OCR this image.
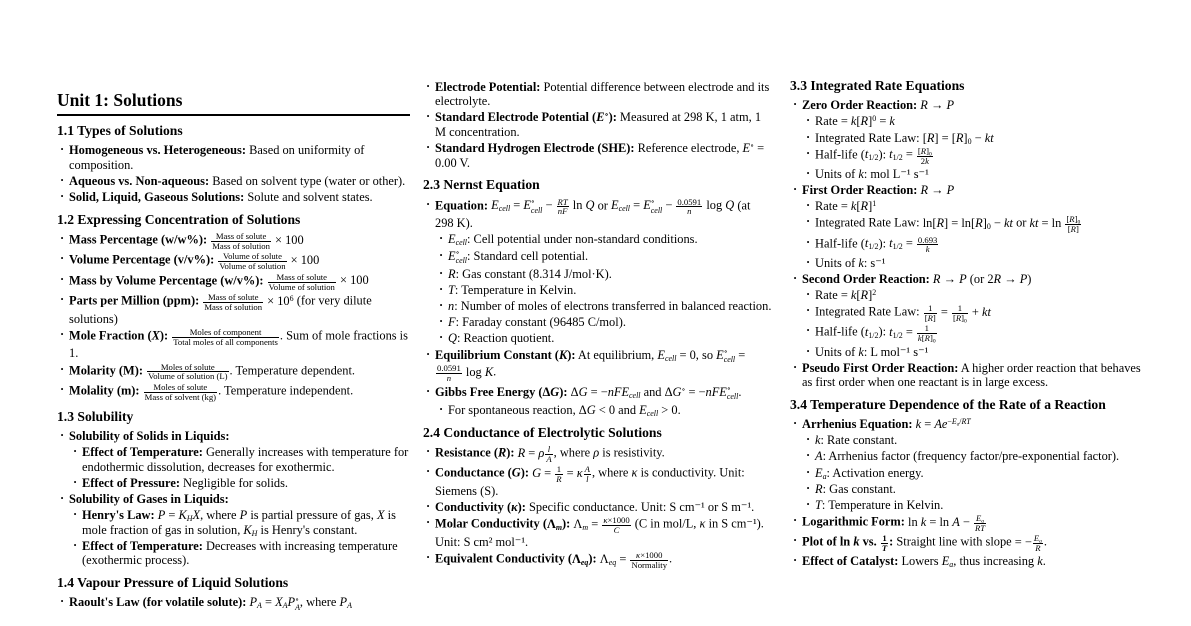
Unit 1: Solutions
1.1 Types of Solutions
· Homogeneous vs. Heterogeneous: Based on uniformity of composition.
· Aqueous vs. Non-aqueous: Based on solvent type (water or other).
· Solid, Liquid, Gaseous Solutions: Solute and solvent states.
1.2 Expressing Concentration of Solutions
· Mass Percentage (w/w%): $\frac{\text{Mass of solute}}{\text{Mass of solution}} \times 100$
· Volume Percentage (v/v%): $\frac{\text{Volume of solute}}{\text{Volume of solution}} \times 100$
· Mass by Volume Percentage (w/v%): $\frac{\text{Mass of solute}}{\text{Volume of solution}} \times 100$
· Parts per Million (ppm): $\frac{\text{Mass of solute}}{\text{Mass of solution}} \times 10^6$ (for very dilute solutions)
· Mole Fraction (X): $\frac{\text{Moles of component}}{\text{Total moles of all components}}$ . Sum of mole fractions is 1.
· Molarity (M): $\frac{\text{Moles of solute}}{\text{Volume of solution (L)}}$ . Temperature dependent.
· Molality (m): $\frac{\text{Moles of solute}}{\text{Mass of solvent (kg)}}$ . Temperature independent.
1.3 Solubility
· Solubility of Solids in Liquids:
· Effect of Temperature: Generally increases with temperature for endothermic dissolution, decreases for exothermic.
· Effect of Pressure: Negligible for solids.
· Solubility of Gases in Liquids:
· Henry's Law: $P = K_HX$, where P is partial pressure of gas, X is mole fraction of gas in solution, $K_H$ is Henry's constant.
· Effect of Temperature: Decreases with increasing temperature (exothermic process).
1.4 Vapour Pressure of Liquid Solutions
· Raoult's Law (for volatile solute): $P_A = X_AP$ ∘
A , where $P_A$
· Electrode Potential: Potential difference between electrode and its electrolyte.
· Standard Electrode Potential (E∘): Measured at 298 K, 1 atm, 1 M concentration.
· Standard Hydrogen Electrode (SHE): Reference electrode, E∘ = 0.00 V.
2.3 Nernst Equation
· Equation: $E_{cell} = E$ ∘
cell − $\frac{RT}{nF}$ ln Q or $E_{cell} = E$ ∘
cell − $\frac{0.0591}{n}$ log Q (at 298 K).
· $E_{cell}$: Cell potential under non-standard conditions.
· E ∘
cell : Standard cell potential.
· R: Gas constant (8.314 J/mol·K).
· T: Temperature in Kelvin.
· n: Number of moles of electrons transferred in balanced reaction.
· F: Faraday constant (96485 C/mol).
· Q: Reaction quotient.
· Equilibrium Constant (K): At equilibrium, $E_{cell} = 0$, so E ∘
cell =
$\frac{0.0591}{n}$ log K.
· Gibbs Free Energy (ΔG): ΔG = −nFE$_{cell}$ and ΔG∘ = −nFE ∘
cell .
· For spontaneous reaction, ΔG < 0 and $E_{cell} > 0$.
2.4 Conductance of Electrolytic Solutions
· Resistance (R): R = ρ $\frac{l}{A}$ , where ρ is resistivity.
· Conductance (G): $G = \frac{1}{R} = \kappa \frac{A}{l}$ , where κ is conductivity. Unit: Siemens (S).
· Conductivity (κ): Specific conductance. Unit: S cm⁻¹ or S m⁻¹.
· Molar Conductivity $(\Lambda_m)$: $\Lambda_m = \frac{\kappa\times 1000}{C} (C$ in mol/L, κ in S cm⁻¹). Unit: S cm² mol⁻¹.
· Equivalent Conductivity $(\Lambda_{eq})$: $\Lambda_{eq} = \frac{\kappa\times 1000}{\text{Normality}}$ .
3.3 Integrated Rate Equations
· Zero Order Reaction: R → P
· Rate = $k[R]^0 = k$
· Integrated Rate Law: $[R] = [R]_0$ − kt
· Half-life $(t_{1/2})$: $t_{1/2} = \frac{[R]_0}{2k}$
· Units of k: mol L⁻¹ s⁻¹
· First Order Reaction: R → P
· Rate = $k[R]^1$
· Integrated Rate Law: $\ln[R] = \ln[R]_0$ − kt or kt = $\ln \frac{[R]_0}{[R]}$
· Half-life $(t_{1/2})$: $t_{1/2} = \frac{0.693}{k}$
· Units of k: s⁻¹
· Second Order Reaction: R → P (or 2R → P)
· Rate = $k[R]^2$
· Integrated Rate Law: $\frac{1}{[R]} = \frac{1}{[R]_0}$ + kt
· Half-life $(t_{1/2})$: $t_{1/2} = \frac{1}{k[R]_0}$
· Units of k: L mol⁻¹ s⁻¹
· Pseudo First Order Reaction: A higher order reaction that behaves as first order when one reactant is in large excess.
3.4 Temperature Dependence of the Rate of a Reaction
· Arrhenius Equation: $k = Ae^{-E_a/RT}$
· k: Rate constant.
· A: Arrhenius factor (frequency factor/pre-exponential factor).
· $E_a$: Activation energy.
· R: Gas constant.
· T: Temperature in Kelvin.
· Logarithmic Form: $\ln k = \ln A - \frac{E_a}{RT}$
· Plot of ln k vs. $\frac{1}{T}$ : Straight line with slope = − $\frac{E_a}{R}$ .
· Effect of Catalyst: Lowers $E_a$, thus increasing k.
